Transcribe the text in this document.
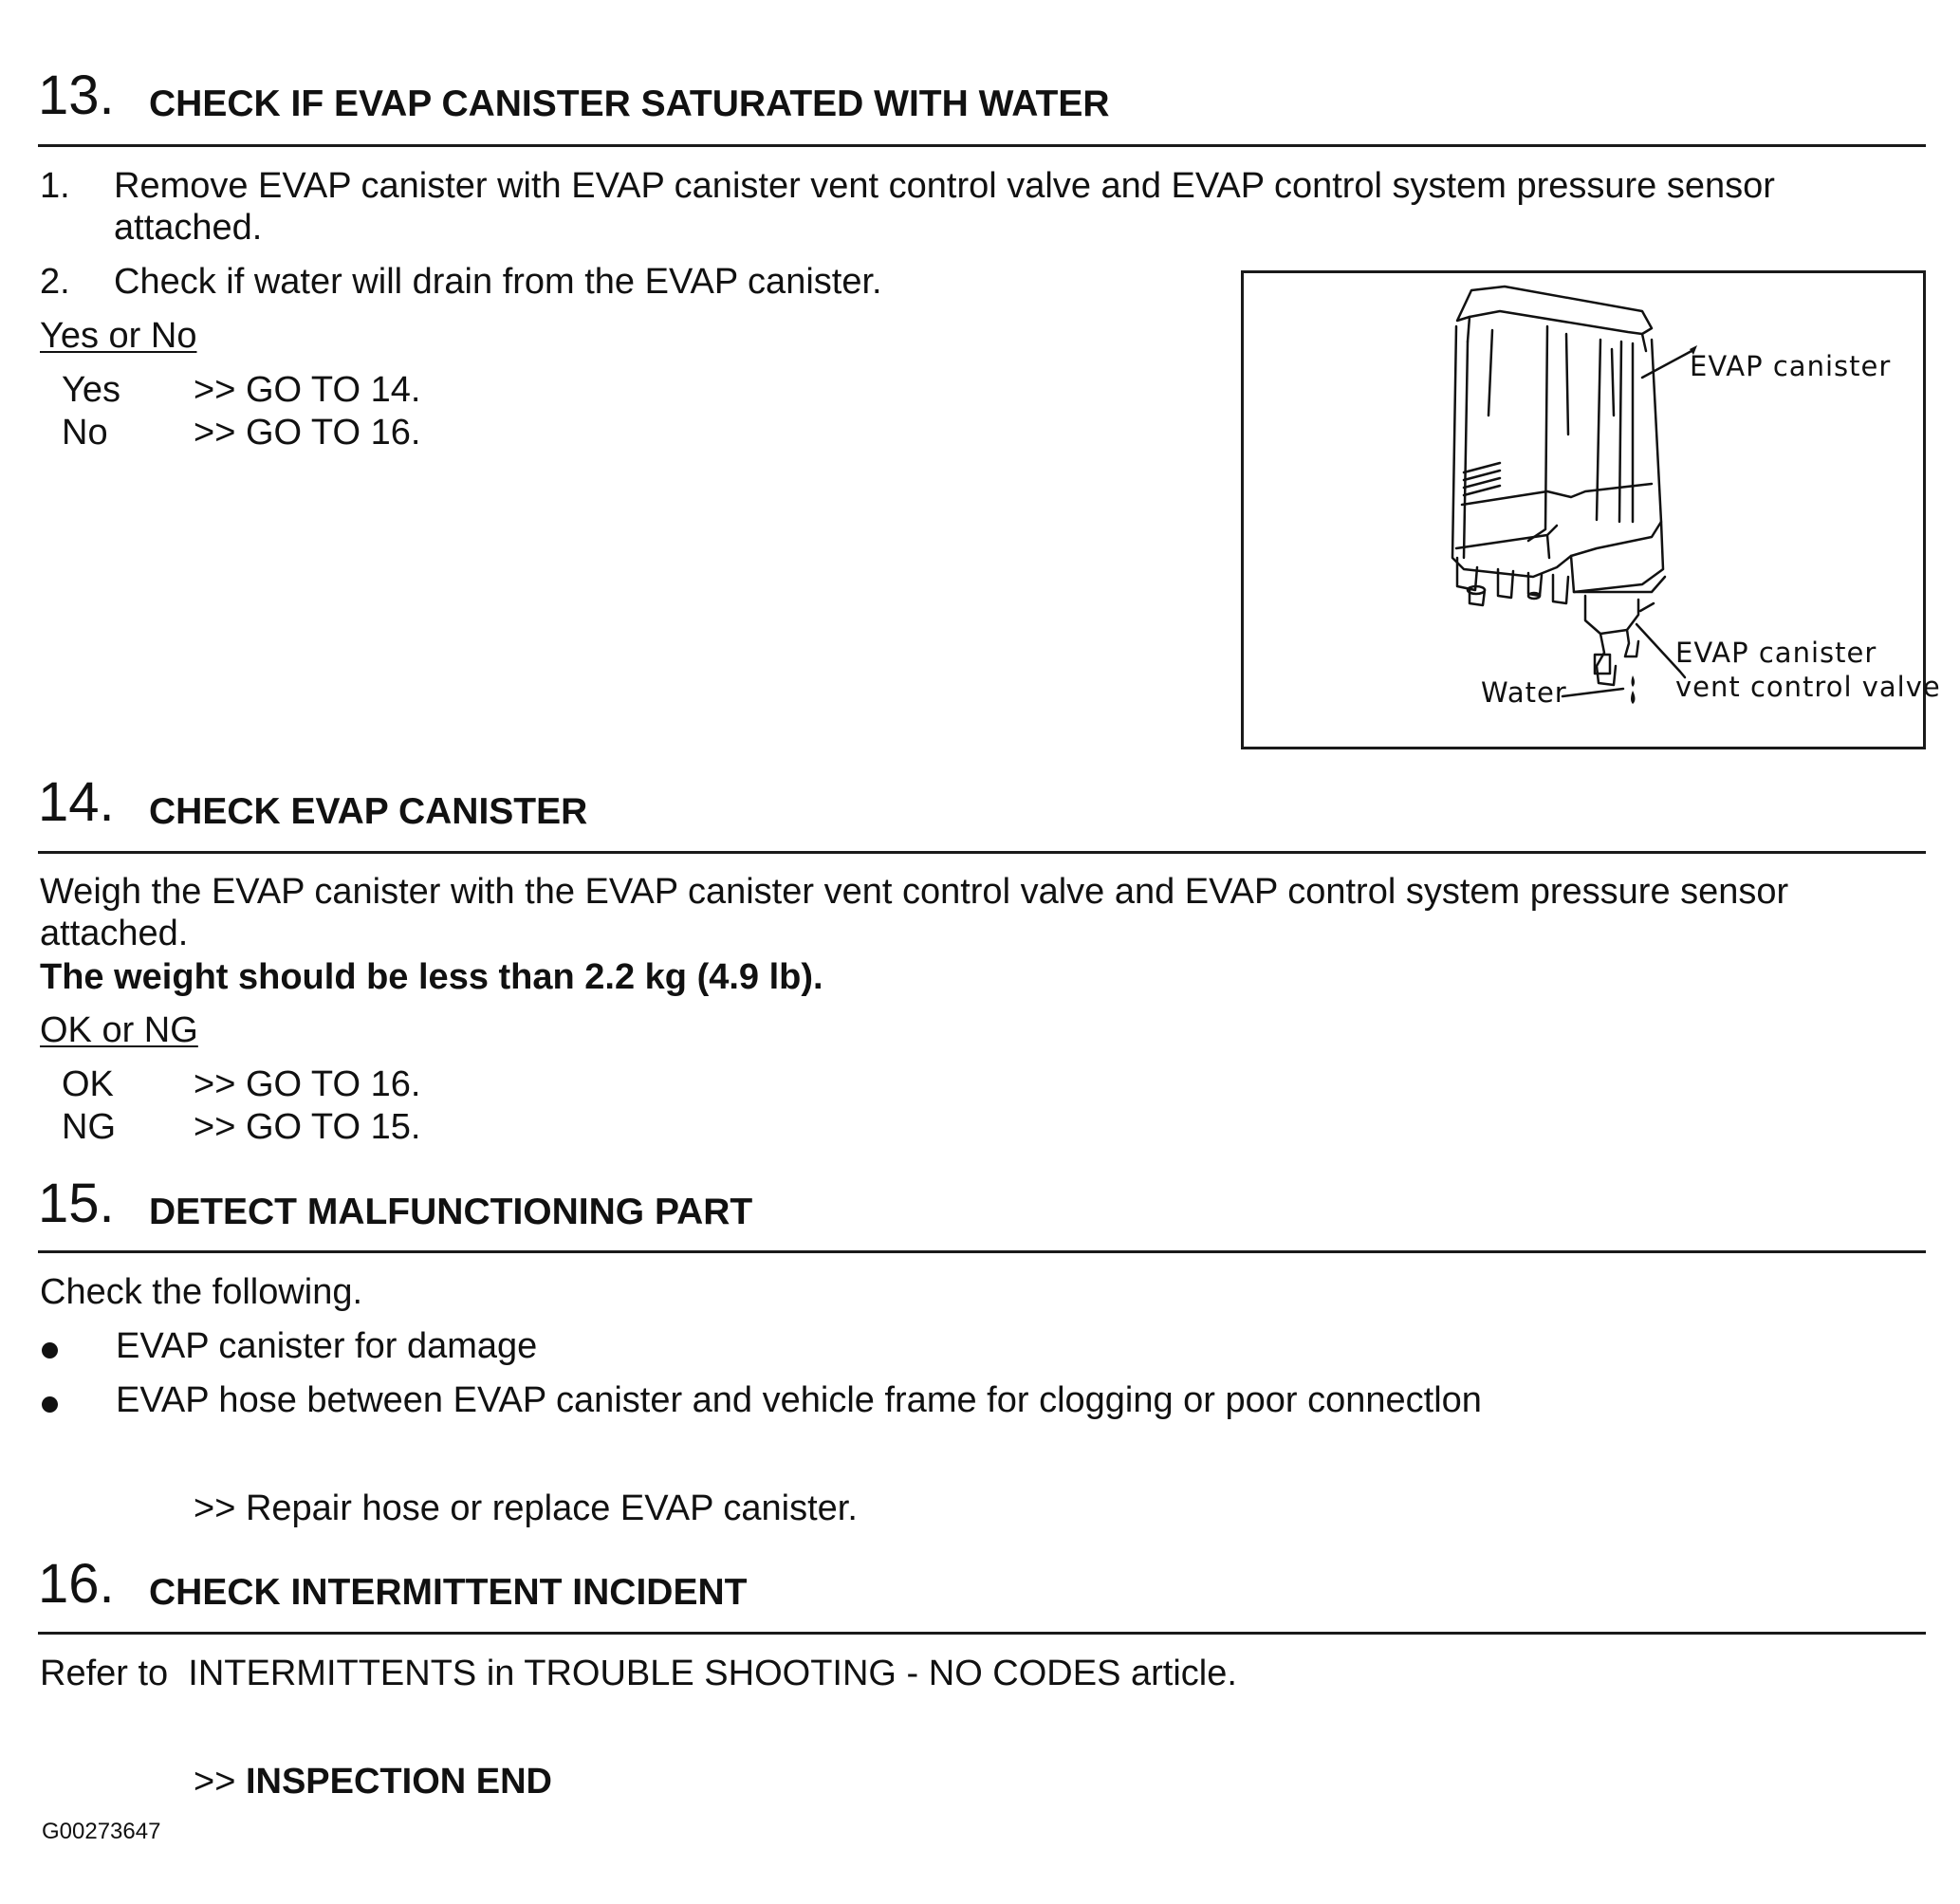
13. CHECK IF EVAP CANISTER SATURATED WITH WATER
1. Remove EVAP canister with EVAP canister vent control valve and EVAP control system pressure sensor
attached.
2. Check if water will drain from the EVAP canister.
Yes or No
Yes >> GO TO 14.
No >> GO TO 16.
EVAP canister
EVAP canister
vent control valve
Water
14. CHECK EVAP CANISTER
Weigh the EVAP canister with the EVAP canister vent control valve and EVAP control system pressure sensor
attached.
The weight should be less than 2.2 kg (4.9 lb).
OK or NG
OK >> GO TO 16.
NG >> GO TO 15.
15. DETECT MALFUNCTIONING PART
Check the following.
EVAP canister for damage
EVAP hose between EVAP canister and vehicle frame for clogging or poor connectlon
>> Repair hose or replace EVAP canister.
16. CHECK INTERMITTENT INCIDENT
Refer to  INTERMITTENTS in TROUBLE SHOOTING - NO CODES article.
>> INSPECTION END
G00273647
